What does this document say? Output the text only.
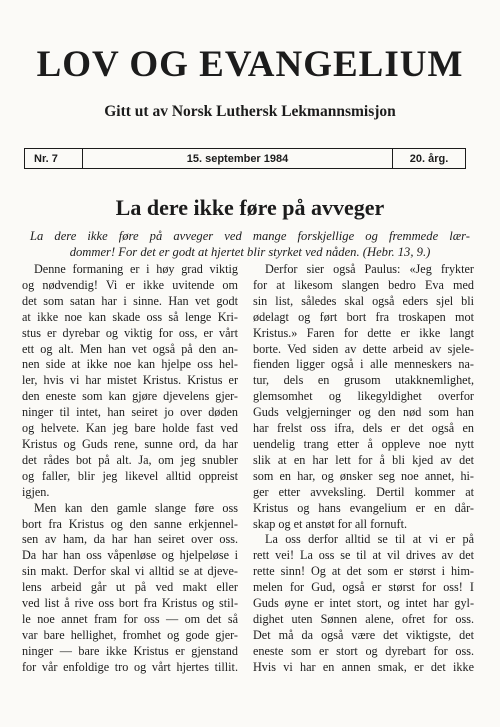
LOV OG EVANGELIUM
Gitt ut av Norsk Luthersk Lekmannsmisjon
Nr. 7	15. september 1984	20. årg.
La dere ikke føre på avveger
La dere ikke føre på avveger ved mange forskjellige og fremmede lær-
dommer! For det er godt at hjertet blir styrket ved nåden. (Hebr. 13, 9.)
Denne formaning er i høy grad viktig
og nødvendig! Vi er ikke uvitende om
det som satan har i sinne. Han vet godt
at ikke noe kan skade oss så lenge Kri-
stus er dyrebar og viktig for oss, er vårt
ett og alt. Men han vet også på den an-
nen side at ikke noe kan hjelpe oss hel-
ler, hvis vi har mistet Kristus. Kristus er
den eneste som kan gjøre djevelens gjer-
ninger til intet, han seiret jo over døden
og helvete. Kan jeg bare holde fast ved
Kristus og Guds rene, sunne ord, da har
det rådes bot på alt. Ja, om jeg snubler
og faller, blir jeg likevel alltid oppreist
igjen.
Men kan den gamle slange føre oss
bort fra Kristus og den sanne erkjennel-
sen av ham, da har han seiret over oss.
Da har han oss våpenløse og hjelpeløse i
sin makt. Derfor skal vi alltid se at djeve-
lens arbeid går ut på ved makt eller
ved list å rive oss bort fra Kristus og stil-
le noe annet fram for oss — om det så
var bare hellighet, fromhet og gode gjer-
ninger — bare ikke Kristus er gjenstand
for vår enfoldige tro og vårt hjertes tillit.
Derfor sier også Paulus: «Jeg frykter
for at likesom slangen bedro Eva med
sin list, således skal også eders sjel bli
ødelagt og ført bort fra troskapen mot
Kristus.» Faren for dette er ikke langt
borte. Ved siden av dette arbeid av sjele-
fienden ligger også i alle menneskers na-
tur, dels en grusom utakknemlighet,
glemsomhet og likegyldighet overfor
Guds velgjerninger og den nød som han
har frelst oss ifra, dels er det også en
uendelig trang etter å oppleve noe nytt
slik at en har lett for å bli kjed av det
som en har, og ønsker seg noe annet, hi-
ger etter avveksling. Dertil kommer at
Kristus og hans evangelium er en dår-
skap og et anstøt for all fornuft.
La oss derfor alltid se til at vi er på
rett vei! La oss se til at vil drives av det
rette sinn! Og at det som er størst i him-
melen for Gud, også er størst for oss! I
Guds øyne er intet stort, og intet har gyl-
dighet uten Sønnen alene, ofret for oss.
Det må da også være det viktigste, det
eneste som er stort og dyrebart for oss.
Hvis vi har en annen smak, er det ikke
